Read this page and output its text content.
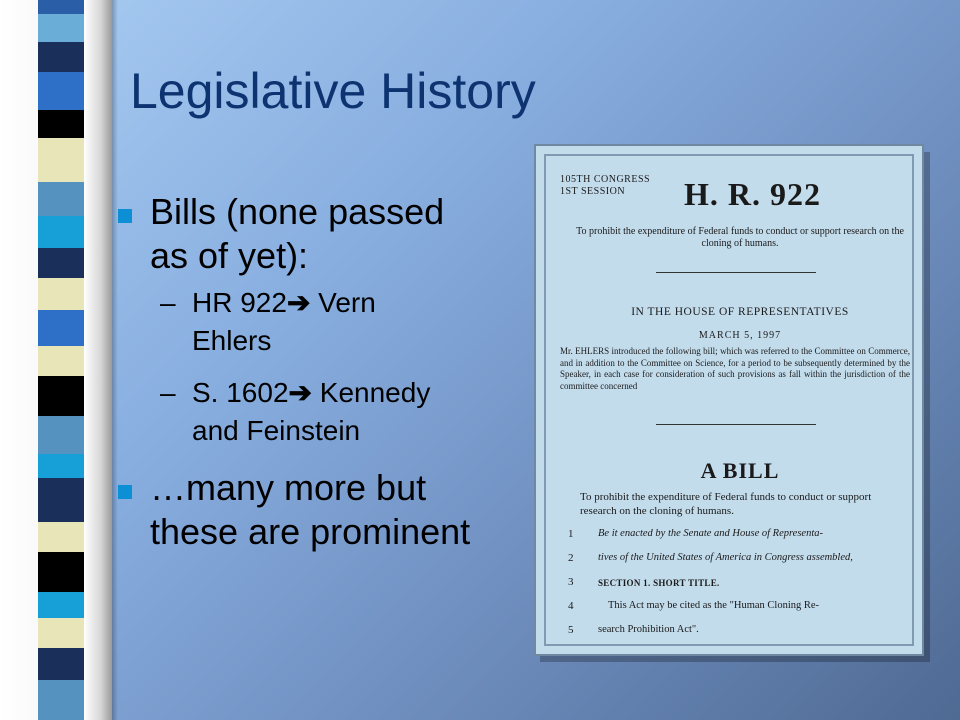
Legislative History
Bills (none passed
as of yet):
– HR 922➔ Vern
Ehlers
– S. 1602➔ Kennedy
and Feinstein
…many more but
these are prominent
105TH CONGRESS
1ST SESSION	H. R. 922
To prohibit the expenditure of Federal funds to conduct or support research on the cloning of humans.
IN THE HOUSE OF REPRESENTATIVES
MARCH 5, 1997
Mr. EHLERS introduced the following bill; which was referred to the Committee on Commerce, and in addition to the Committee on Science, for a period to be subsequently determined by the Speaker, in each case for consideration of such provisions as fall within the jurisdiction of the committee concerned
A BILL
To prohibit the expenditure of Federal funds to conduct or support research on the cloning of humans.
1 Be it enacted by the Senate and House of Representa-
2 tives of the United States of America in Congress assembled,
3	SECTION 1. SHORT TITLE.
4	This Act may be cited as the "Human Cloning Re-
5 search Prohibition Act".
